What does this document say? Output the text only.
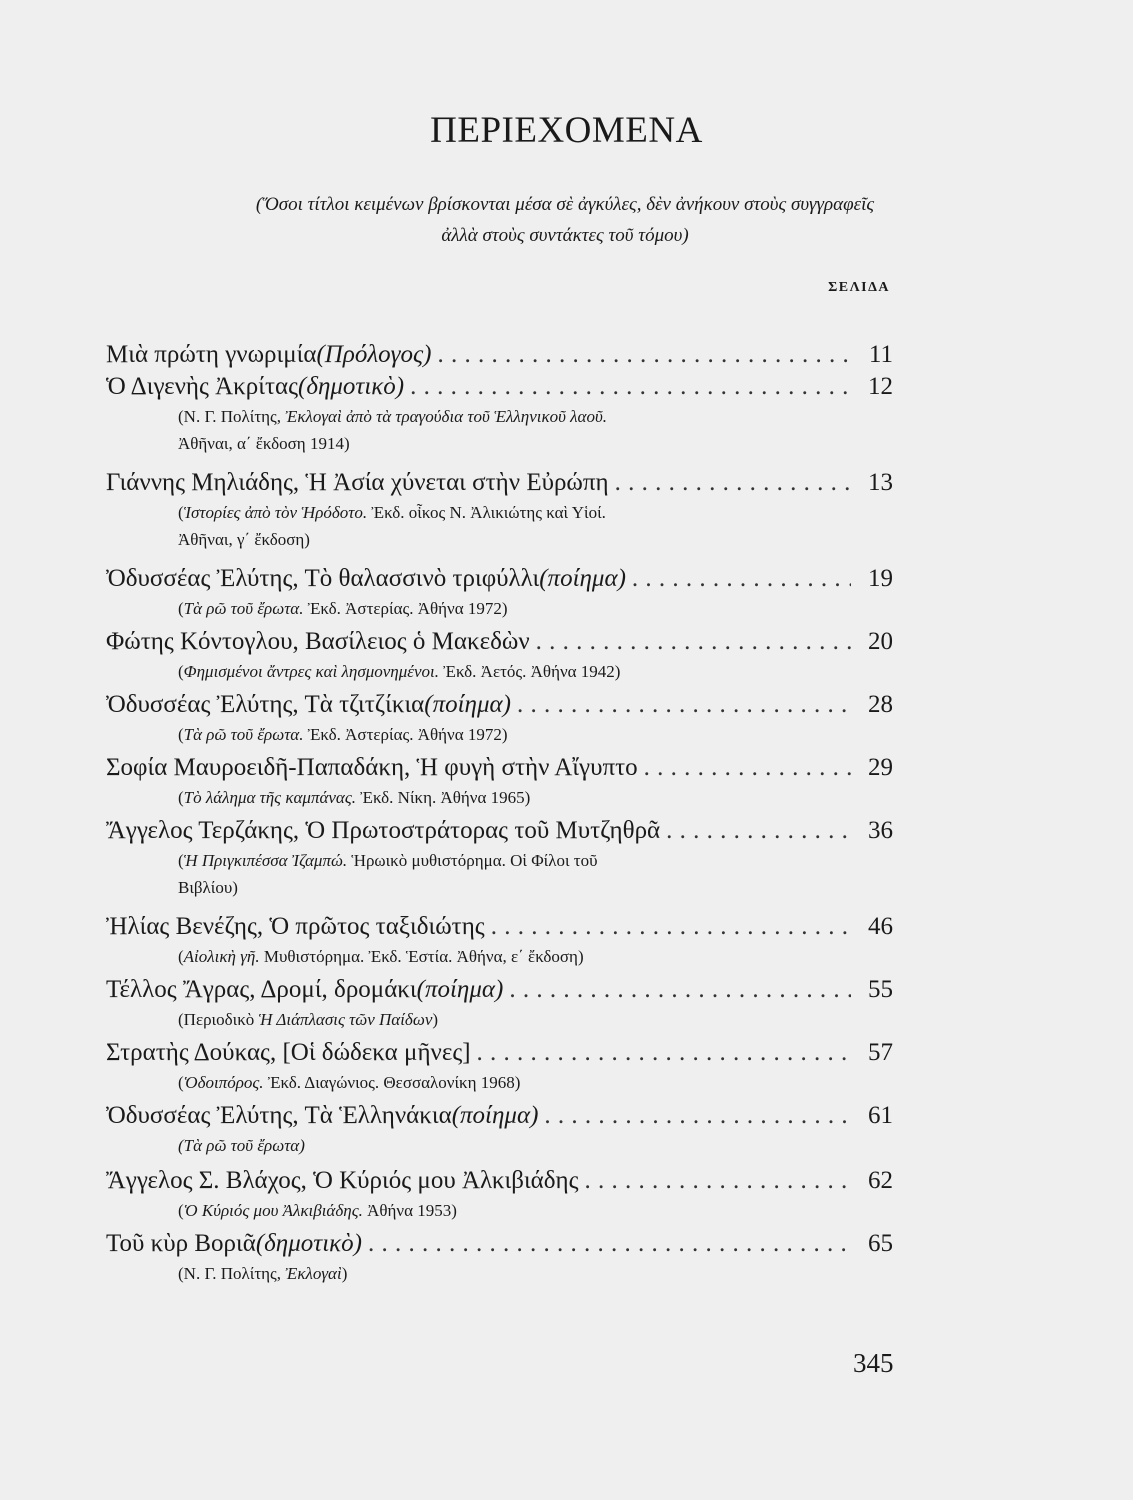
ΠΕΡΙΕΧΟΜΕΝΑ
(Ὅσοι τίτλοι κειμένων βρίσκονται μέσα σὲ ἀγκύλες, δὲν ἀνήκουν στοὺς συγγραφεῖς
ἀλλὰ στοὺς συντάκτες τοῦ τόμου)
ΣΕΛΙΔΑ
Μιὰ πρώτη γνωριμία (Πρόλογος) . . .	11
Ὁ Διγενὴς Ἀκρίτας (δημοτικὸ) . . .	12
(Ν. Γ. Πολίτης, Ἐκλογαὶ ἀπὸ τὰ τραγούδια τοῦ Ἑλληνικοῦ λαοῦ.
Ἀθῆναι, α΄ ἔκδοση 1914)
Γιάννης Μηλιάδης, Ἡ Ἀσία χύνεται στὴν Εὐρώπη . . .	13
(Ἱστορίες ἀπὸ τὸν Ἡρόδοτο. Ἐκδ. οἶκος Ν. Ἀλικιώτης καὶ Υἱοί.
Ἀθῆναι, γ΄ ἔκδοση)
Ὀδυσσέας Ἐλύτης, Τὸ θαλασσινὸ τριφύλλι (ποίημα) . . .	19
(Τὰ ρῶ τοῦ ἔρωτα. Ἐκδ. Ἀστερίας. Ἀθήνα 1972)
Φώτης Κόντογλου, Βασίλειος ὁ Μακεδὼν . . .	20
(Φημισμένοι ἄντρες καὶ λησμονημένοι. Ἐκδ. Ἀετός. Ἀθήνα 1942)
Ὀδυσσέας Ἐλύτης, Τὰ τζιτζίκια (ποίημα) . . .	28
(Τὰ ρῶ τοῦ ἔρωτα. Ἐκδ. Ἀστερίας. Ἀθήνα 1972)
Σοφία Μαυροειδῆ-Παπαδάκη, Ἡ φυγὴ στὴν Αἴγυπτο . . .	29
(Τὸ λάλημα τῆς καμπάνας. Ἐκδ. Νίκη. Ἀθήνα 1965)
Ἄγγελος Τερζάκης, Ὁ Πρωτοστράτορας τοῦ Μυτζηθρᾶ . . .	36
(Ἡ Πριγκιπέσσα Ἰζαμπώ. Ἡρωικὸ μυθιστόρημα. Οἱ Φίλοι τοῦ
Βιβλίου)
Ἠλίας Βενέζης, Ὁ πρῶτος ταξιδιώτης . . .	46
(Αἰολικὴ γῆ. Μυθιστόρημα. Ἐκδ. Ἑστία. Ἀθήνα, ε΄ ἔκδοση)
Τέλλος Ἄγρας, Δρομί, δρομάκι (ποίημα) . . .	55
(Περιοδικὸ Ἡ Διάπλασις τῶν Παίδων)
Στρατὴς Δούκας, [Οἱ δώδεκα μῆνες] . . .	57
(Ὁδοιπόρος. Ἐκδ. Διαγώνιος. Θεσσαλονίκη 1968)
Ὀδυσσέας Ἐλύτης, Τὰ Ἑλληνάκια (ποίημα) . . .	61
(Τὰ ρῶ τοῦ ἔρωτα)
Ἄγγελος Σ. Βλάχος, Ὁ Κύριός μου Ἀλκιβιάδης . . .	62
(Ὁ Κύριός μου Ἀλκιβιάδης. Ἀθήνα 1953)
Τοῦ κὺρ Βοριᾶ (δημοτικὸ) . . .	65
(Ν. Γ. Πολίτης, Ἐκλογαὶ)
345
